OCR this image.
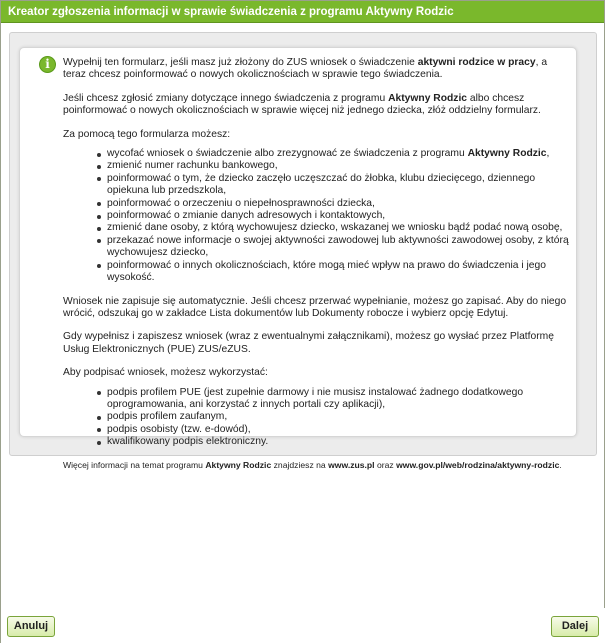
Kreator zgłoszenia informacji w sprawie świadczenia z programu Aktywny Rodzic
i	Wypełnij ten formularz, jeśli masz już złożony do ZUS wniosek o świadczenie aktywni rodzice w pracy, a teraz chcesz poinformować o nowych okolicznościach w sprawie tego świadczenia.

Jeśli chcesz zgłosić zmiany dotyczące innego świadczenia z programu Aktywny Rodzic albo chcesz poinformować o nowych okolicznościach w sprawie więcej niż jednego dziecka, złóż oddzielny formularz.

Za pomocą tego formularza możesz:

wycofać wniosek o świadczenie albo zrezygnować ze świadczenia z programu Aktywny Rodzic,
zmienić numer rachunku bankowego,
poinformować o tym, że dziecko zaczęło uczęszczać do żłobka, klubu dziecięcego, dziennego opiekuna lub przedszkola,
poinformować o orzeczeniu o niepełnosprawności dziecka,
poinformować o zmianie danych adresowych i kontaktowych,
zmienić dane osoby, z którą wychowujesz dziecko, wskazanej we wniosku bądź podać nową osobę,
przekazać nowe informacje o swojej aktywności zawodowej lub aktywności zawodowej osoby, z którą wychowujesz dziecko,
poinformować o innych okolicznościach, które mogą mieć wpływ na prawo do świadczenia i jego wysokość.

Wniosek nie zapisuje się automatycznie. Jeśli chcesz przerwać wypełnianie, możesz go zapisać. Aby do niego wrócić, odszukaj go w zakładce Lista dokumentów lub Dokumenty robocze i wybierz opcję Edytuj.

Gdy wypełnisz i zapiszesz wniosek (wraz z ewentualnymi załącznikami), możesz go wysłać przez Platformę Usług Elektronicznych (PUE) ZUS/eZUS.

Aby podpisać wniosek, możesz wykorzystać:

podpis profilem PUE (jest zupełnie darmowy i nie musisz instalować żadnego dodatkowego oprogramowania, ani korzystać z innych portali czy aplikacji),
podpis profilem zaufanym,
podpis osobisty (tzw. e-dowód),
kwalifikowany podpis elektroniczny.

Więcej informacji na temat programu Aktywny Rodzic znajdziesz na www.zus.pl oraz www.gov.pl/web/rodzina/aktywny-rodzic.

Anuluj	Dalej
